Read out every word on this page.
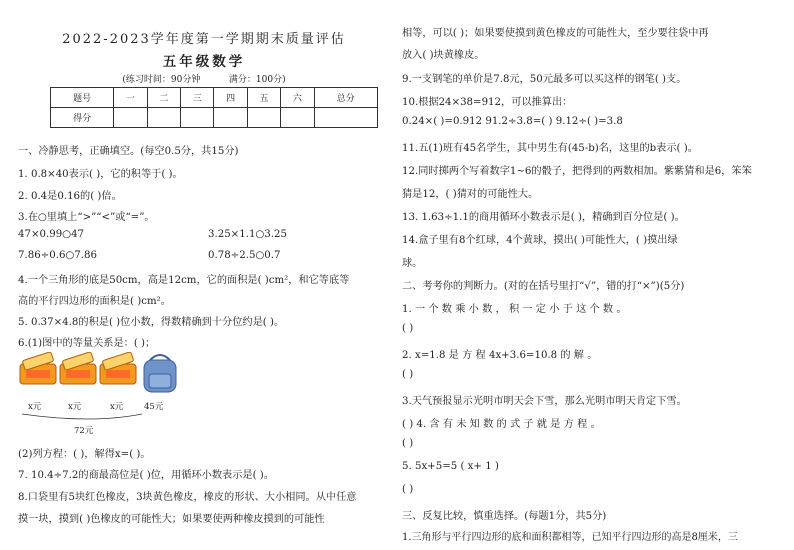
2022-2023学年度第一学期期末质量评估
五年级数学
(练习时间：90分钟          满分：100分)
题号	一	二	三	四	五	六	总分
得分							
一、冷静思考，正确填空。(每空0.5分，共15分)
1. 0.8×40表示( )，它的积等于( )。
2. 0.4是0.16的( )倍。
3.在○里填上“>”“<”或“=”。
47×0.99○47	3.25×1.1○3.25
7.86÷0.6○7.86	0.78÷2.5○0.7
4.一个三角形的底是50cm，高是12cm，它的面积是( )cm²，和它等底等
高的平行四边形的面积是( )cm²。
5. 0.37×4.8的积是( )位小数，得数精确到十分位约是( )。
6.(1)图中的等量关系是：( )；
x元	x元	x元 45元
72元
(2)列方程：( )，解得x=( )。
7. 10.4÷7.2的商最高位是( )位，用循环小数表示是( )。
8.口袋里有5块红色橡皮，3块黄色橡皮，橡皮的形状、大小相同。从中任意
摸一块，摸到( )色橡皮的可能性大；如果要使两种橡皮摸到的可能性
相等，可以( )；如果要使摸到黄色橡皮的可能性大，至少要往袋中再
放入( )块黄橡皮。
9.一支钢笔的单价是7.8元，50元最多可以买这样的钢笔( )支。
10.根据24×38=912，可以推算出：
0.24×( )=0.912 91.2÷3.8=( ) 9.12÷( )=3.8
11.五(1)班有45名学生，其中男生有(45-b)名，这里的b表示( )。
12.同时掷两个写着数字1~6的骰子，把得到的两数相加。紫紫猜和是6，笨笨
猜是12，( )猜对的可能性大。
13. 1.63÷1.1的商用循环小数表示是( )，精确到百分位是( )。
14.盒子里有8个红球，4个黄球，摸出( )可能性大，( )摸出绿
球。
二、考考你的判断力。(对的在括号里打“√”，错的打“×”)(5分)
1. 一 个 数 乘 小 数 ， 积 一 定 小 于 这 个 数 。
( )
2. x=1.8 是 方 程 4x+3.6=10.8 的 解 。
( )
3.天气预报显示光明市明天会下雪，那么光明市明天肯定下雪。
( ) 4. 含 有 未 知 数 的 式 子 就 是 方 程 。
( )
5. 5x+5=5 ( x+ 1 )
( )
三、反复比较，慎重选择。(每题1分，共5分)
1.三角形与平行四边形的底和面积都相等，已知平行四边形的高是8厘米，三
